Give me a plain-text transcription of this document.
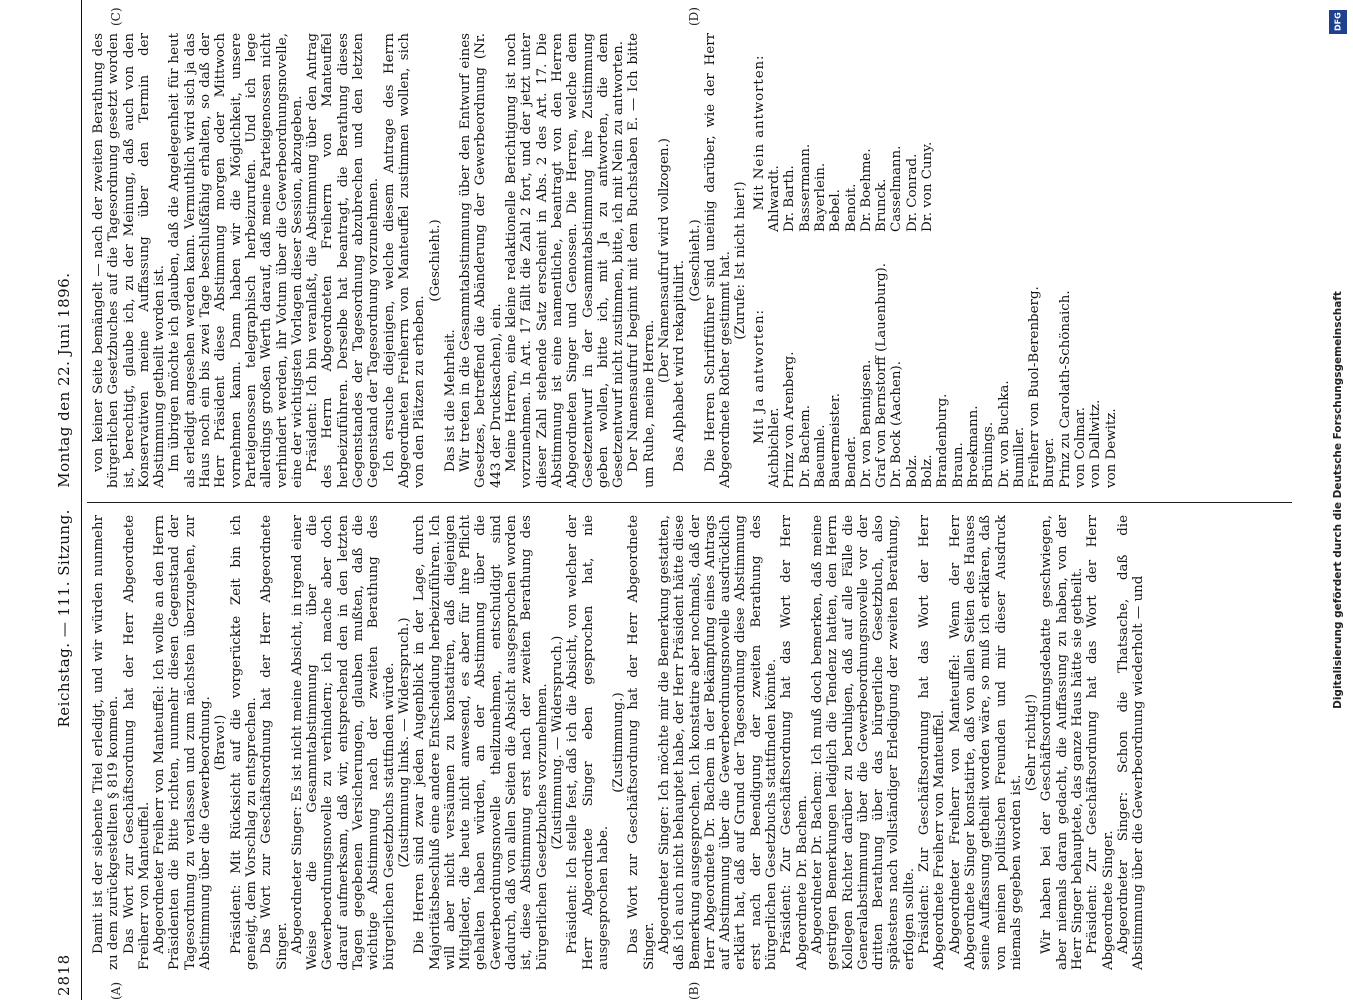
2818
Reichstag. — 111. Sitzung. Montag den 22. Juni 1896.
(A)	(B)
(C)	(D)

Damit ist der siebente Titel erledigt, und wir würden nunmehr zu dem zurückgestellten § 819 kommen. Das Wort zur Geschäftsordnung hat der Herr Abgeordnete Freiherr von Manteuffel. Abgeordneter Freiherr von Manteuffel: Ich wollte an den Herrn Präsidenten die Bitte richten, nunmehr diesen Gegenstand der Tagesordnung zu verlassen und zum nächsten überzugehen, zur Abstimmung über die Gewerbeordnung. (Bravo!) Präsident: Mit Rücksicht auf die vorgerückte Zeit bin ich geneigt, dem Vorschlag zu entsprechen. Das Wort zur Geschäftsordnung hat der Herr Abgeordnete Singer. Abgeordneter Singer: Es ist nicht meine Absicht, in irgend einer Weise die Gesammtabstimmung über die Gewerbeordnungsnovelle zu verhindern; ich mache aber doch darauf aufmerksam, daß wir, entsprechend den in den letzten Tagen gegebenen Versicherungen, glauben mußten, daß die wichtige Abstimmung nach der zweiten Berathung des bürgerlichen Gesetzbuchs stattfinden würde. (Zustimmung links. — Widerspruch.) Die Herren sind zwar jeden Augenblick in der Lage, durch Majoritätsbeschluß eine andere Entscheidung herbeizuführen. Ich will aber nicht versäumen zu konstatiren, daß diejenigen Mitglieder, die heute nicht anwesend, es aber für ihre Pflicht gehalten haben würden, an der Abstimmung über die Gewerbeordnungsnovelle theilzunehmen, entschuldigt sind dadurch, daß von allen Seiten die Absicht ausgesprochen worden ist, diese Abstimmung erst nach der zweiten Berathung des bürgerlichen Gesetzbuches vorzunehmen. (Zustimmung. — Widerspruch.) Präsident: Ich stelle fest, daß ich die Absicht, von welcher der Herr Abgeordnete Singer eben gesprochen hat, nie ausgesprochen habe.

(Zustimmung.) Das Wort zur Geschäftsordnung hat der Herr Abgeordnete Singer. Abgeordneter Singer: Ich möchte mir die Bemerkung gestatten, daß ich auch nicht behauptet habe, der Herr Präsident hätte diese Bemerkung ausgesprochen. Ich konstatire aber nochmals, daß der Herr Abgeordnete Dr. Bachem in der Bekämpfung eines Antrags auf Abstimmung über die Gewerbeordnungsnovelle ausdrücklich erklärt hat, daß auf Grund der Tagesordnung diese Abstimmung erst nach der Beendigung der zweiten Berathung des bürgerlichen Gesetzbuchs stattfinden könnte. Präsident: Zur Geschäftsordnung hat das Wort der Herr Abgeordnete Dr. Bachem. Abgeordneter Dr. Bachem: Ich muß doch bemerken, daß meine gestrigen Bemerkungen lediglich die Tendenz hatten, den Herrn Kollegen Richter darüber zu beruhigen, daß auf alle Fälle die Generalabstimmung über die Gewerbeordnungsnovelle vor der dritten Berathung über das bürgerliche Gesetzbuch, also spätestens nach vollständiger Erledigung der zweiten Berathung, erfolgen sollte. Präsident: Zur Geschäftsordnung hat das Wort der Herr Abgeordnete Freiherr von Manteuffel. Abgeordneter Freiherr von Manteuffel: Wenn der Herr Abgeordnete Singer konstatirte, daß von allen Seiten des Hauses seine Auffassung getheilt worden wäre, so muß ich erklären, daß von meinen politischen Freunden und mir dieser Ausdruck niemals gegeben worden ist.

(Sehr richtig!) Wir haben bei der Geschäftsordnungsdebatte geschwiegen, aber niemals daran gedacht, die Auffassung zu haben, von der Herr Singer behauptete, das ganze Haus hätte sie getheilt. Präsident: Zur Geschäftsordnung hat das Wort der Herr Abgeordnete Singer. Abgeordneter Singer: Schon die Thatsache, daß die Abstimmung über die Gewerbeordnung wiederholt — und

von keiner Seite bemängelt — nach der zweiten Berathung des bürgerlichen Gesetzbuches auf die Tagesordnung gesetzt worden ist, berechtigt, glaube ich, zu der Meinung, daß auch von den Konservativen meine Auffassung über den Termin der Abstimmung getheilt worden ist. Im übrigen möchte ich glauben, daß die Angelegenheit für heut als erledigt angesehen werden kann. Vermuthlich wird sich ja das Haus noch ein bis zwei Tage beschlußfähig erhalten, so daß der Herr Präsident diese Abstimmung morgen oder Mittwoch vornehmen kann. Dann haben wir die Möglichkeit, unsere Parteigenossen telegraphisch herbeizurufen. Und ich lege allerdings großen Werth darauf, daß meine Parteigenossen nicht verhindert werden, ihr Votum über die Gewerbeordnungsnovelle, eine der wichtigsten Vorlagen dieser Session, abzugeben. Präsident: Ich bin veranlaßt, die Abstimmung über den Antrag des Herrn Abgeordneten Freiherrn von Manteuffel herbeizuführen. Derselbe hat beantragt, die Berathung dieses Gegenstandes der Tagesordnung abzubrechen und den letzten Gegenstand der Tagesordnung vorzunehmen. Ich ersuche diejenigen, welche diesem Antrage des Herrn Abgeordneten Freiherrn von Manteuffel zustimmen wollen, sich von den Plätzen zu erheben.

(Geschieht.)

Das ist die Mehrheit. Wir treten in die Gesammtabstimmung über den Entwurf eines Gesetzes, betreffend die Abänderung der Gewerbeordnung (Nr. 443 der Drucksachen), ein. Meine Herren, eine kleine redaktionelle Berichtigung ist noch vorzunehmen. In Art. 17 fällt die Zahl 2 fort, und der jetzt unter dieser Zahl stehende Satz erscheint in Abs. 2 des Art. 17. Die Abstimmung ist eine namentliche, beantragt von den Herren Abgeordneten Singer und Genossen. Die Herren, welche dem Gesetzentwurf in der Gesammtabstimmung ihre Zustimmung geben wollen, bitte ich, mit Ja zu antworten, die dem Gesetzentwurf nicht zustimmen, bitte, ich mit Nein zu antworten. Der Namensaufruf beginnt mit dem Buchstaben E. — Ich bitte um Ruhe, meine Herren.

(Der Namensaufruf wird vollzogen.) Das Alphabet wird rekapitulirt. (Geschieht.) Die Herren Schriftführer sind uneinig darüber, wie der Herr Abgeordnete Rother gestimmt hat. (Zurufe: Ist nicht hier!)

Mit Ja antworten:
Aichbichler. Prinz von Arenberg. Dr. Bachem. Baeumle. Bauermeister. Bender. Dr. von Bennigsen. Graf von Bernstorff (Lauenburg). Dr. Bock (Aachen). Bolz. Bolz. Brandenburg. Braun. Broekmann. Brünings. Dr. von Buchka. Bumiller. Freiherr von Buol-Berenberg. Burger. Prinz zu Carolath-Schönaich. von Colmar. von Dallwitz. von Dewitz.
Mit Nein antworten: Ahlwardt. Dr. Barth. Bassermann. Bayerlein. Bebel. Benoit. Dr. Boehme. Brunck. Casselmann. Dr. Conrad. Dr. von Cuny.
DFG
Digitalisierung gefördert durch die Deutsche Forschungsgemeinschaft
